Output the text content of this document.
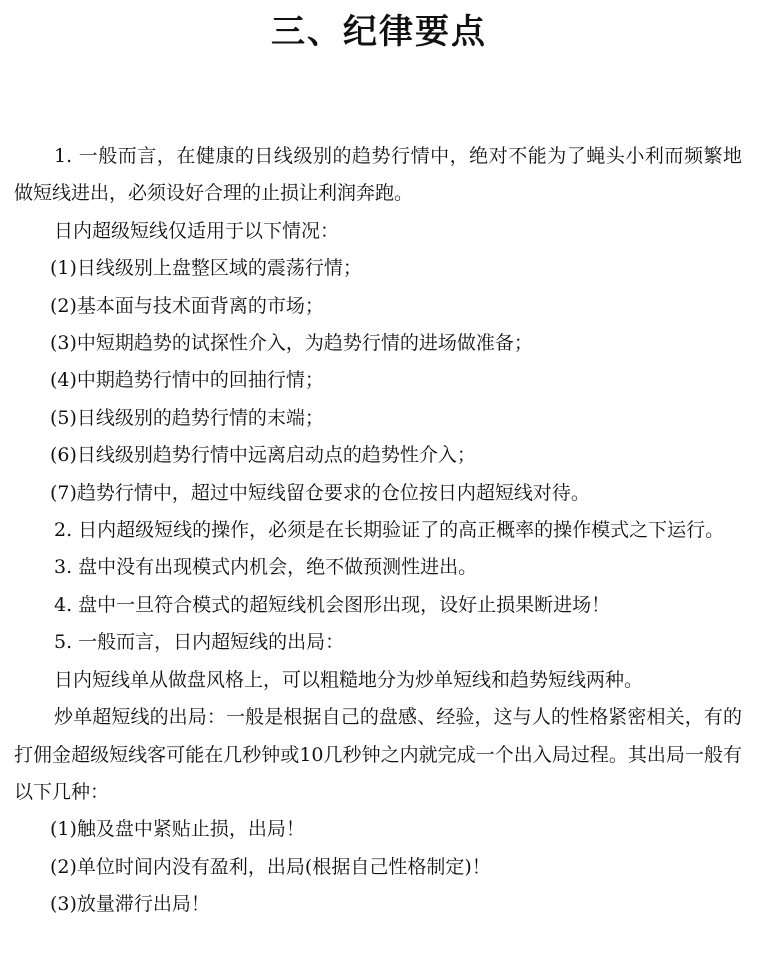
三、纪律要点

1. 一般而言，在健康的日线级别的趋势行情中，绝对不能为了蝇头小利而频繁地做短线进出，必须设好合理的止损让利润奔跑。

日内超级短线仅适用于以下情况：

(1)日线级别上盘整区域的震荡行情；

(2)基本面与技术面背离的市场；

(3)中短期趋势的试探性介入，为趋势行情的进场做准备；

(4)中期趋势行情中的回抽行情；

(5)日线级别的趋势行情的末端；

(6)日线级别趋势行情中远离启动点的趋势性介入；

(7)趋势行情中，超过中短线留仓要求的仓位按日内超短线对待。

2. 日内超级短线的操作，必须是在长期验证了的高正概率的操作模式之下运行。

3. 盘中没有出现模式内机会，绝不做预测性进出。

4. 盘中一旦符合模式的超短线机会图形出现，设好止损果断进场！

5. 一般而言，日内超短线的出局：

日内短线单从做盘风格上，可以粗糙地分为炒单短线和趋势短线两种。

炒单超短线的出局：一般是根据自己的盘感、经验，这与人的性格紧密相关，有的打佣金超级短线客可能在几秒钟或10几秒钟之内就完成一个出入局过程。其出局一般有以下几种：

(1)触及盘中紧贴止损，出局！

(2)单位时间内没有盈利，出局(根据自己性格制定)！

(3)放量滞行出局！
